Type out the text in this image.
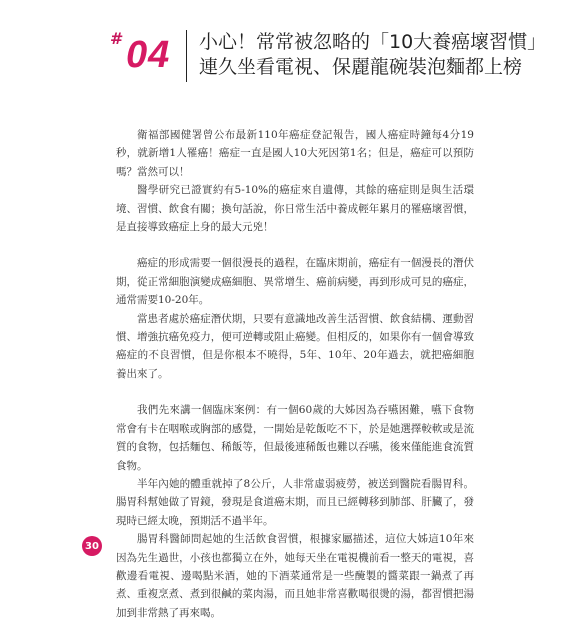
# 04 小心！常常被忽略的「10大養癌壞習慣」
連久坐看電視、保麗龍碗裝泡麵都上榜

衛福部國健署曾公布最新110年癌症登記報告，國人癌症時鐘每4分19秒，就新增1人罹癌！癌症一直是國人10大死因第1名；但是，癌症可以預防嗎？當然可以！

醫學研究已證實約有5-10%的癌症來自遺傳，其餘的癌症則是與生活環境、習慣、飲食有關；換句話說，你日常生活中養成輕年累月的罹癌壞習慣，是直接導致癌症上身的最大元兇！

癌症的形成需要一個很漫長的過程，在臨床期前，癌症有一個漫長的潛伏期，從正常細胞演變成癌細胞、異常增生、癌前病變，再到形成可見的癌症，通常需要10-20年。

當患者處於癌症潛伏期，只要有意識地改善生活習慣、飲食結構、運動習慣、增強抗癌免疫力，便可逆轉或阻止癌變。但相反的，如果你有一個會導致癌症的不良習慣，但是你根本不曉得，5年、10年、20年過去，就把癌細胞養出來了。

我們先來講一個臨床案例：有一個60歲的大姊因為吞嚥困難，嚥下食物常會有卡在咽喉或胸部的感覺，一開始是乾飯吃不下，於是她選擇較軟或是流質的食物，包括麵包、稀飯等，但最後連稀飯也難以吞嚥，後來僅能進食流質食物。

半年內她的體重就掉了8公斤，人非常虛弱疲勞，被送到醫院看腸胃科。腸胃科幫她做了胃鏡，發現是食道癌末期，而且已經轉移到肺部、肝臟了，發現時已經太晚，預期活不過半年。

腸胃科醫師問起她的生活飲食習慣，根據家屬描述，這位大姊這10年來因為先生過世，小孩也都獨立在外，她每天坐在電視機前看一整天的電視，喜歡邊看電視、邊喝點米酒，她的下酒菜通常是一些醃製的醬菜跟一鍋煮了再煮、重複烹煮、煮到很鹹的菜肉湯，而且她非常喜歡喝很燙的湯，都習慣把湯加到非常熱了再來喝。

30
